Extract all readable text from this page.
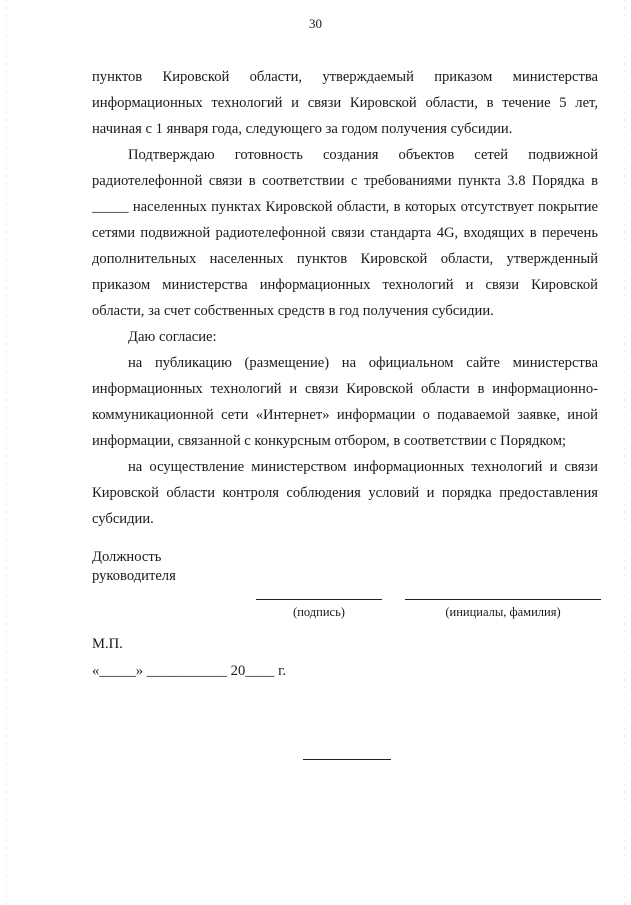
30

пунктов Кировской области, утверждаемый приказом министерства информационных технологий и связи Кировской области, в течение 5 лет, начиная с 1 января года, следующего за годом получения субсидии.

Подтверждаю готовность создания объектов сетей подвижной радиотелефонной связи в соответствии с требованиями пункта 3.8 Порядка в _____ населенных пунктах Кировской области, в которых отсутствует покрытие сетями подвижной радиотелефонной связи стандарта 4G, входящих в перечень дополнительных населенных пунктов Кировской области, утвержденный приказом министерства информационных технологий и связи Кировской области, за счет собственных средств в год получения субсидии.

Даю согласие:

на публикацию (размещение) на официальном сайте министерства информационных технологий и связи Кировской области в информационно-коммуникационной сети «Интернет» информации о подаваемой заявке, иной информации, связанной с конкурсным отбором, в соответствии с Порядком;

на осуществление министерством информационных технологий и связи Кировской области контроля соблюдения условий и порядка предоставления субсидии.

Должность
руководителя
(подпись)	(инициалы, фамилия)
М.П.
«_____» ___________ 20____ г.
